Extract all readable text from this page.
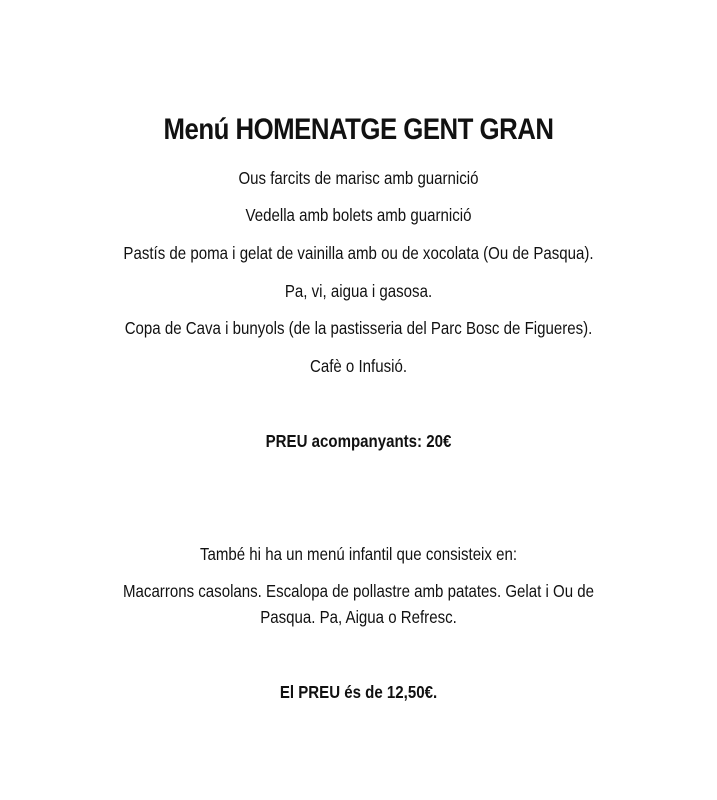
Menú HOMENATGE GENT GRAN

Ous farcits de marisc amb guarnició

Vedella amb bolets amb guarnició

Pastís de poma i gelat de vainilla amb ou de xocolata (Ou de Pasqua).

Pa, vi, aigua i gasosa.

Copa de Cava i bunyols (de la pastisseria del Parc Bosc de Figueres).

Cafè o Infusió.

PREU acompanyants: 20€

També hi ha un menú infantil que consisteix en:

Macarrons casolans. Escalopa de pollastre amb patates. Gelat i Ou de

Pasqua. Pa, Aigua o Refresc.

El PREU és de 12,50€.
